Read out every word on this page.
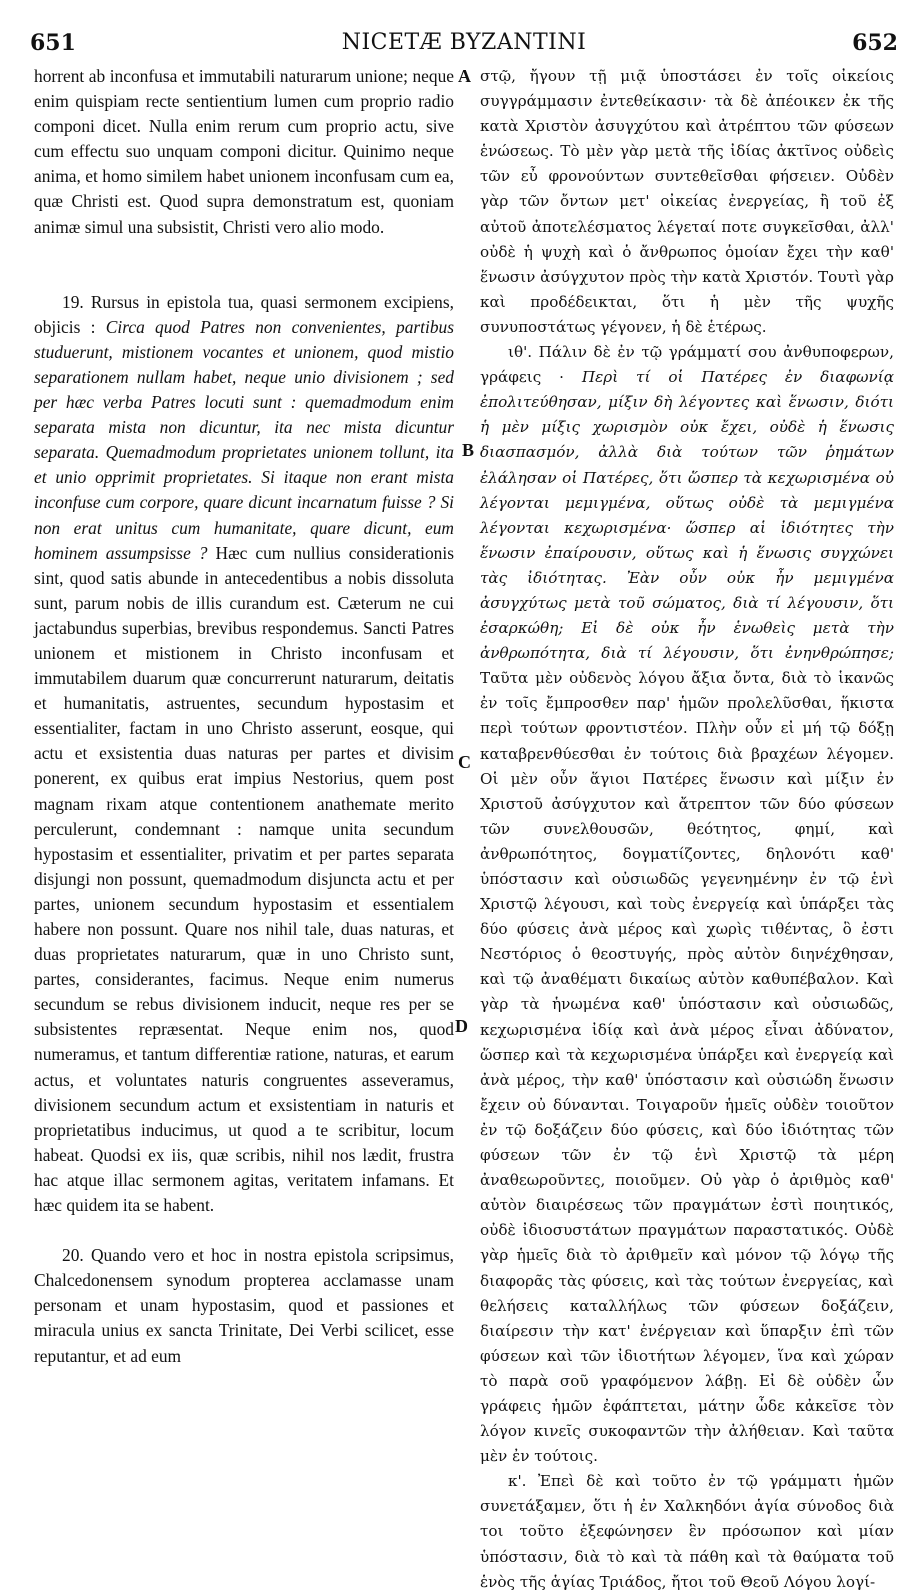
651	NICETÆ BYZANTINI	652

horrent ab inconfusa et immutabili naturarum unione; neque enim quispiam recte sentientium lumen cum proprio radio componi dicet. Nulla enim rerum cum proprio actu, sive cum effectu suo unquam componi dicitur. Quinimo neque anima, et homo similem habet unionem inconfusam cum ea, quæ Christi est. Quod supra demonstratum est, quoniam animæ simul una subsistit, Christi vero alio modo.

19. Rursus in epistola tua, quasi sermonem excipiens, objicis : Circa quod Patres non convenientes, partibus studuerunt, mistionem vocantes et unionem, quod mistio separationem nullam habet, neque unio divisionem ; sed per hæc verba Patres locuti sunt : quemadmodum enim separata mista non dicuntur, ita nec mista dicuntur separata. Quemadmodum proprietates unionem tollunt, ita et unio opprimit proprietates. Si itaque non erant mista inconfuse cum corpore, quare dicunt incarnatum fuisse ? Si non erat unitus cum humanitate, quare dicunt, eum hominem assumpsisse ? Hæc cum nullius considerationis sint, quod satis abunde in antecedentibus a nobis dissoluta sunt, parum nobis de illis curandum est. Cæterum ne cui jactabundus superbias, brevibus respondemus. Sancti Patres unionem et mistionem in Christo inconfusam et immutabilem duarum quæ concurrerunt naturarum, deitatis et humanitatis, astruentes, secundum hypostasim et essentialiter, factam in uno Christo asserunt, eosque, qui actu et exsistentia duas naturas per partes et divisim ponerent, ex quibus erat impius Nestorius, quem post magnam rixam atque contentionem anathemate merito perculerunt, condemnant : namque unita secundum hypostasim et essentialiter, privatim et per partes separata disjungi non possunt, quemadmodum disjuncta actu et per partes, unionem secundum hypostasim et essentialem habere non possunt. Quare nos nihil tale, duas naturas, et duas proprietates naturarum, quæ in uno Christo sunt, partes, considerantes, facimus. Neque enim numerus secundum se rebus divisionem inducit, neque res per se subsistentes repræsentat. Neque enim nos, quod numeramus, et tantum differentiæ ratione, naturas, et earum actus, et voluntates naturis congruentes asseveramus, divisionem secundum actum et exsistentiam in naturis et proprietatibus inducimus, ut quod a te scribitur, locum habeat. Quodsi ex iis, quæ scribis, nihil nos lædit, frustra hac atque illac sermonem agitas, veritatem infamans. Et hæc quidem ita se habent.

20. Quando vero et hoc in nostra epistola scripsimus, Chalcedonensem synodum propterea acclamasse unam personam et unam hypostasim, quod et passiones et miracula unius ex sancta Trinitate, Dei Verbi scilicet, esse reputantur, et ad eum

A
B
C
D

στῷ, ἤγουν τῇ μιᾷ ὑποστάσει ἐν τοῖς οἰκείοις συγγράμμασιν ἐντεθείκασιν· τὰ δὲ ἀπέοικεν ἐκ τῆς κατὰ Χριστὸν ἀσυγχύτου καὶ ἀτρέπτου τῶν φύσεων ἑνώσεως. Τὸ μὲν γὰρ μετὰ τῆς ἰδίας ἀκτῖνος οὐδεὶς τῶν εὖ φρονούντων συντεθεῖσθαι φήσειεν. Οὐδὲν γὰρ τῶν ὄντων μετ' οἰκείας ἐνεργείας, ἢ τοῦ ἐξ αὐτοῦ ἀποτελέσματος λέγεταί ποτε συγκεῖσθαι, ἀλλ' οὐδὲ ἡ ψυχὴ καὶ ὁ ἄνθρωπος ὁμοίαν ἔχει τὴν καθ' ἕνωσιν ἀσύγχυτον πρὸς τὴν κατὰ Χριστόν. Τουτὶ γὰρ καὶ προδέδεικται, ὅτι ἡ μὲν τῆς ψυχῆς συνυποστάτως γέγονεν, ἡ δὲ ἑτέρως.

ιθ'. Πάλιν δὲ ἐν τῷ γράμματί σου ἀνθυποφερων, γράφεις · Περὶ τί οἱ Πατέρες ἐν διαφωνίᾳ ἐπολιτεύθησαν, μίξιν δὴ λέγοντες καὶ ἕνωσιν, διότι ἡ μὲν μίξις χωρισμὸν οὐκ ἔχει, οὐδὲ ἡ ἕνωσις διασπασμόν, ἀλλὰ διὰ τούτων τῶν ῥημάτων ἐλάλησαν οἱ Πατέρες, ὅτι ὥσπερ τὰ κεχωρισμένα οὐ λέγονται μεμιγμένα, οὕτως οὐδὲ τὰ μεμιγμένα λέγονται κεχωρισμένα· ὥσπερ αἱ ἰδιότητες τὴν ἕνωσιν ἐπαίρουσιν, οὕτως καὶ ἡ ἕνωσις συγχώνει τὰς ἰδιότητας. Ἐὰν οὖν οὐκ ἦν μεμιγμένα ἀσυγχύτως μετὰ τοῦ σώματος, διὰ τί λέγουσιν, ὅτι ἐσαρκώθη; Εἰ δὲ οὐκ ἦν ἑνωθεὶς μετὰ τὴν ἀνθρωπότητα, διὰ τί λέγουσιν, ὅτι ἐνηνθρώπησε; Ταῦτα μὲν οὐδενὸς λόγου ἄξια ὄντα, διὰ τὸ ἱκανῶς ἐν τοῖς ἔμπροσθεν παρ' ἡμῶν προλελῦσθαι, ἥκιστα περὶ τούτων φροντιστέον. Πλὴν οὖν εἰ μή τῷ δόξῃ καταβρενθύεσθαι ἐν τούτοις διὰ βραχέων λέγομεν. Οἱ μὲν οὖν ἅγιοι Πατέρες ἕνωσιν καὶ μίξιν ἐν Χριστοῦ ἀσύγχυτον καὶ ἄτρεπτον τῶν δύο φύσεων τῶν συνελθουσῶν, θεότητος, φημί, καὶ ἀνθρωπότητος, δογματίζοντες, δηλονότι καθ' ὑπόστασιν καὶ οὐσιωδῶς γεγενημένην ἐν τῷ ἑνὶ Χριστῷ λέγουσι, καὶ τοὺς ἐνεργείᾳ καὶ ὑπάρξει τὰς δύο φύσεις ἀνὰ μέρος καὶ χωρὶς τιθέντας, ὃ ἐστι Νεστόριος ὁ θεοστυγής, πρὸς αὐτὸν διηνέχθησαν, καὶ τῷ ἀναθέματι δικαίως αὐτὸν καθυπέβαλον. Καὶ γὰρ τὰ ἡνωμένα καθ' ὑπόστασιν καὶ οὐσιωδῶς, κεχωρισμένα ἰδίᾳ καὶ ἀνὰ μέρος εἶναι ἀδύνατον, ὥσπερ καὶ τὰ κεχωρισμένα ὑπάρξει καὶ ἐνεργείᾳ καὶ ἀνὰ μέρος, τὴν καθ' ὑπόστασιν καὶ οὐσιώδη ἕνωσιν ἔχειν οὐ δύνανται. Τοιγαροῦν ἡμεῖς οὐδὲν τοιοῦτον ἐν τῷ δοξάζειν δύο φύσεις, καὶ δύο ἰδιότητας τῶν φύσεων τῶν ἐν τῷ ἑνὶ Χριστῷ τὰ μέρη ἀναθεωροῦντες, ποιοῦμεν. Οὐ γὰρ ὁ ἀριθμὸς καθ' αὑτὸν διαιρέσεως τῶν πραγμάτων ἐστὶ ποιητικός, οὐδὲ ἰδιοσυστάτων πραγμάτων παραστατικός. Οὐδὲ γὰρ ἡμεῖς διὰ τὸ ἀριθμεῖν καὶ μόνον τῷ λόγῳ τῆς διαφορᾶς τὰς φύσεις, καὶ τὰς τούτων ἐνεργείας, καὶ θελήσεις καταλλήλως τῶν φύσεων δοξάζειν, διαίρεσιν τὴν κατ' ἐνέργειαν καὶ ὕπαρξιν ἐπὶ τῶν φύσεων καὶ τῶν ἰδιοτήτων λέγομεν, ἵνα καὶ χώραν τὸ παρὰ σοῦ γραφόμενον λάβῃ. Εἰ δὲ οὐδὲν ὧν γράφεις ἡμῶν ἐφάπτεται, μάτην ὧδε κἀκεῖσε τὸν λόγον κινεῖς συκοφαντῶν τὴν ἀλήθειαν. Καὶ ταῦτα μὲν ἐν τούτοις.

κ'. Ἐπεὶ δὲ καὶ τοῦτο ἐν τῷ γράμματι ἡμῶν συνετάξαμεν, ὅτι ἡ ἐν Χαλκηδόνι ἁγία σύνοδος διὰ τοι τοῦτο ἐξεφώνησεν ἓν πρόσωπον καὶ μίαν ὑπόστασιν, διὰ τὸ καὶ τὰ πάθη καὶ τὰ θαύματα τοῦ ἑνὸς τῆς ἁγίας Τριάδος, ἤτοι τοῦ Θεοῦ Λόγου λογί-
